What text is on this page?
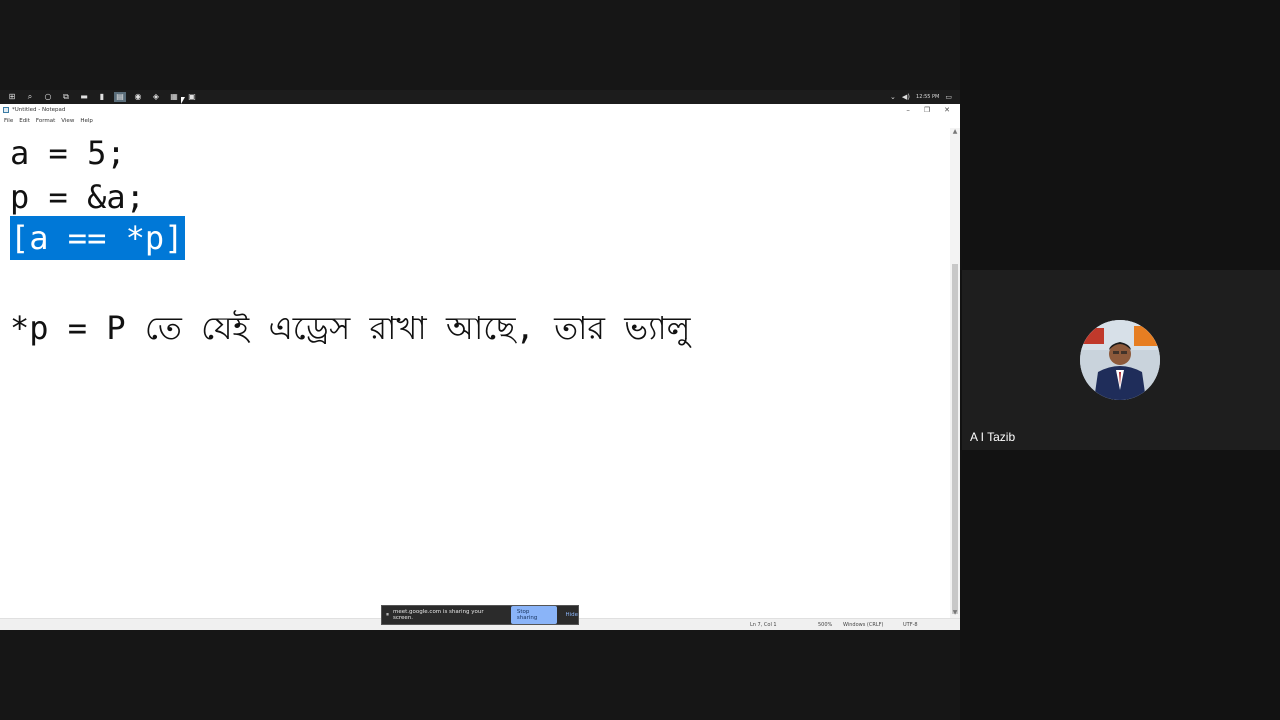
⊞	⌕	○	⧉	▬	▮	▤	◉	◈	▦ ▣	⌄ ◀) 12:55 PM ▭
*Untitled - Notepad	– ❐ ✕
File Edit Format View Help
a = 5;
p = &a;
[a == *p]
*p = P তে যেই এড্রেস রাখা আছে, তার ভ্যালু
▲
▼
Ln 7, Col 1	500% Windows (CRLF)	UTF-8
⏸ meet.google.com is sharing your screen.
Stop sharing	Hide
A I Tazib
